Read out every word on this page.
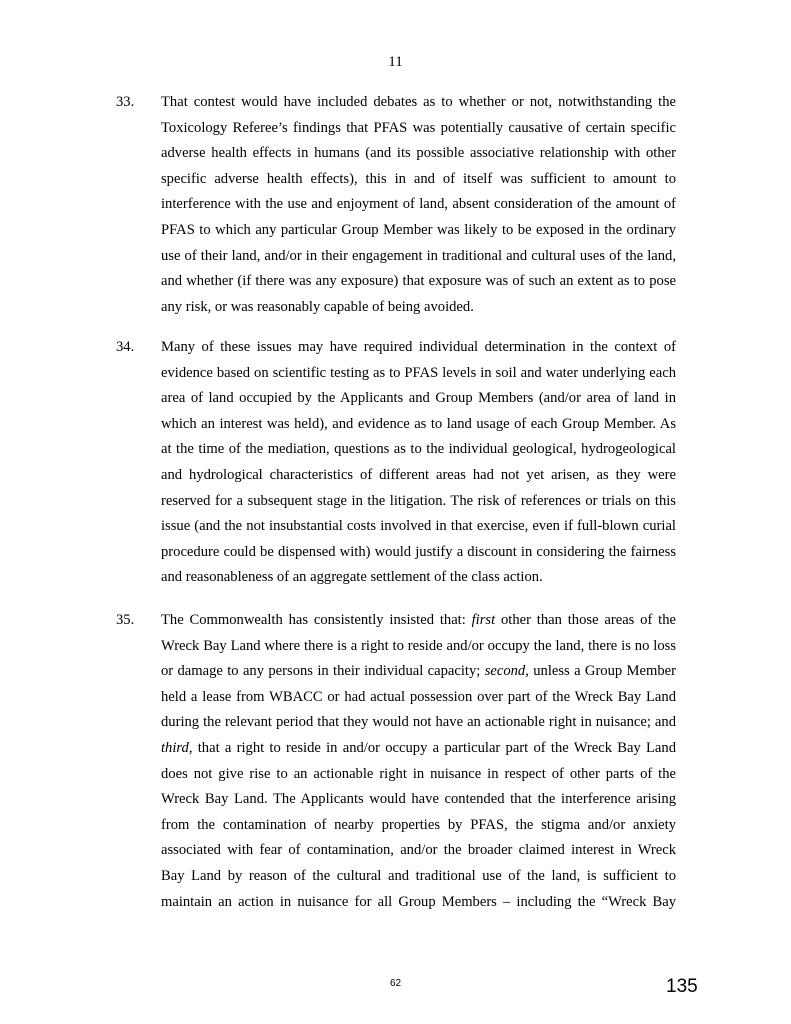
11
33. That contest would have included debates as to whether or not, notwithstanding the
Toxicology Referee’s findings that PFAS was potentially causative of certain specific
adverse health effects in humans (and its possible associative relationship with other
specific adverse health effects), this in and of itself was sufficient to amount to
interference with the use and enjoyment of land, absent consideration of the amount of
PFAS to which any particular Group Member was likely to be exposed in the ordinary
use of their land, and/or in their engagement in traditional and cultural uses of the land,
and whether (if there was any exposure) that exposure was of such an extent as to pose
any risk, or was reasonably capable of being avoided.
34. Many of these issues may have required individual determination in the context of
evidence based on scientific testing as to PFAS levels in soil and water underlying each
area of land occupied by the Applicants and Group Members (and/or area of land in
which an interest was held), and evidence as to land usage of each Group Member. As
at the time of the mediation, questions as to the individual geological, hydrogeological
and hydrological characteristics of different areas had not yet arisen, as they were
reserved for a subsequent stage in the litigation. The risk of references or trials on this
issue (and the not insubstantial costs involved in that exercise, even if full-blown curial
procedure could be dispensed with) would justify a discount in considering the fairness
and reasonableness of an aggregate settlement of the class action.
35. The Commonwealth has consistently insisted that: first other than those areas of the
Wreck Bay Land where there is a right to reside and/or occupy the land, there is no loss
or damage to any persons in their individual capacity; second, unless a Group Member
held a lease from WBACC or had actual possession over part of the Wreck Bay Land
during the relevant period that they would not have an actionable right in nuisance; and
third, that a right to reside in and/or occupy a particular part of the Wreck Bay Land
does not give rise to an actionable right in nuisance in respect of other parts of the
Wreck Bay Land. The Applicants would have contended that the interference arising
from the contamination of nearby properties by PFAS, the stigma and/or anxiety
associated with fear of contamination, and/or the broader claimed interest in Wreck
Bay Land by reason of the cultural and traditional use of the land, is sufficient to
maintain an action in nuisance for all Group Members – including the “Wreck Bay
62	135
